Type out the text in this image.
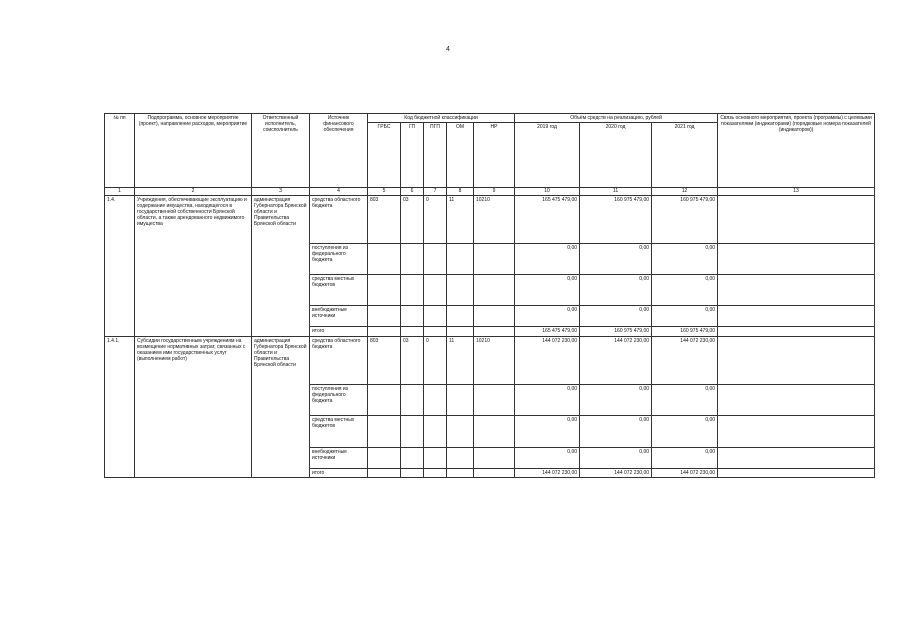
4
№ пп	Подпрограмма, основное мероприятие (проект), направление расходов, мероприятие	Ответственный исполнитель, соисполнитель	Источник финансового обеспечения	Код бюджетной классификации					Объём средств на реализацию, рублей			Связь основного мероприятия, проекта (программы) с целевыми показателями (индикаторами) (порядковые номера показателей (индикаторов))
				ГРБС	ГП	ПГП	ОМ	НР	2019 год	2020 год	2021 год	
1	2	3	4	5	6	7	8	9	10	11	12	13
1.4.	Учреждения, обеспечивающие эксплуатацию и содержание имущества, находящегося в государственной собственности Брянской области, а также арендованного недвижимого имущества	администрация Губернатора Брянской области и Правительства Брянской области	средства областного бюджета	803	03	0	11	10210	165 475 479,00	160 975 479,00	160 975 479,00	
			поступления из федерального бюджета						0,00	0,00	0,00	
			средства местных бюджетов						0,00	0,00	0,00	
			внебюджетные источники						0,00	0,00	0,00	
			итого						165 475 479,00	160 975 479,00	160 975 479,00	
1.4.1.	Субсидии государственным учреждениям на возмещение нормативных затрат, связанных с оказанием ими государственных услуг (выполнением работ)	администрация Губернатора Брянской области и Правительства Брянской области	средства областного бюджета	803	03	0	11	10210	144 072 230,00	144 072 230,00	144 072 230,00	
			поступления из федерального бюджета						0,00	0,00	0,00	
			средства местных бюджетов						0,00	0,00	0,00	
			внебюджетные источники						0,00	0,00	0,00	
			итого						144 072 230,00	144 072 230,00	144 072 230,00	
